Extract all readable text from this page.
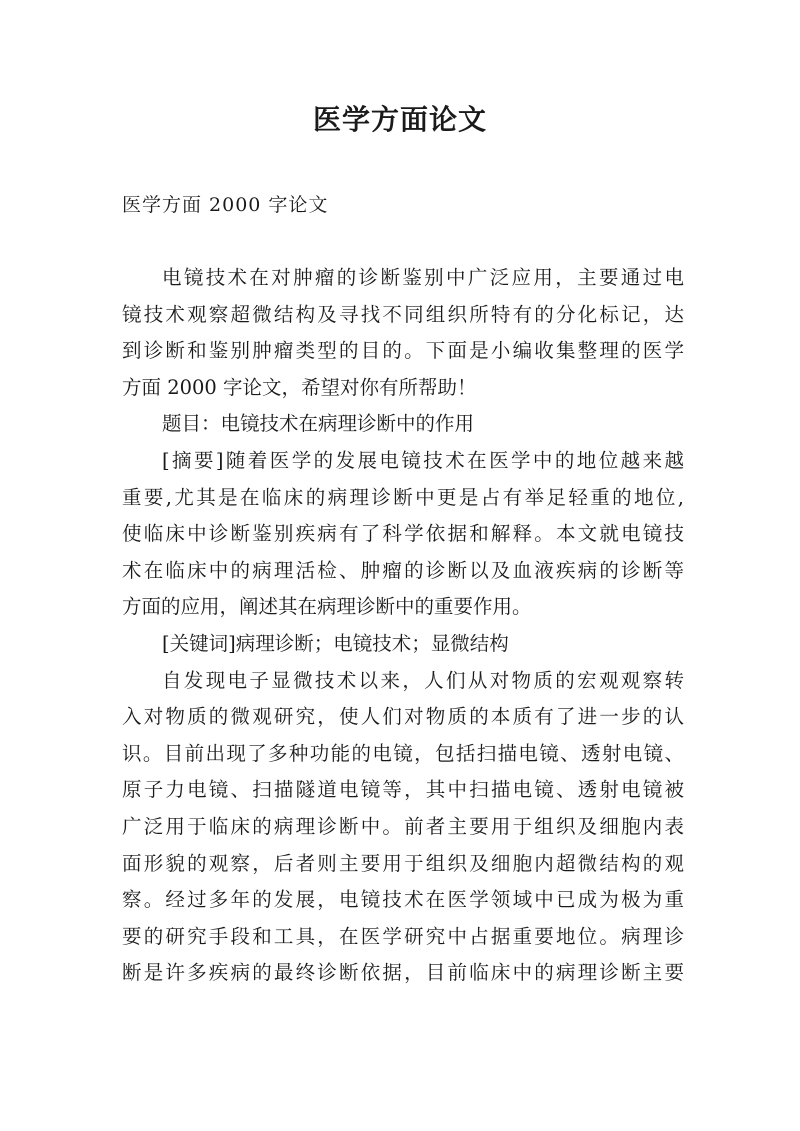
医学方面论文
医学方面 2000 字论文
电镜技术在对肿瘤的诊断鉴别中广泛应用，主要通过电
镜技术观察超微结构及寻找不同组织所特有的分化标记，达
到诊断和鉴别肿瘤类型的目的。下面是小编收集整理的医学
方面 2000 字论文，希望对你有所帮助！
题目：电镜技术在病理诊断中的作用
[摘要]随着医学的发展电镜技术在医学中的地位越来越
重要,尤其是在临床的病理诊断中更是占有举足轻重的地位,
使临床中诊断鉴别疾病有了科学依据和解释。本文就电镜技
术在临床中的病理活检、肿瘤的诊断以及血液疾病的诊断等
方面的应用，阐述其在病理诊断中的重要作用。
[关键词]病理诊断；电镜技术；显微结构
自发现电子显微技术以来，人们从对物质的宏观观察转
入对物质的微观研究，使人们对物质的本质有了进一步的认
识。目前出现了多种功能的电镜，包括扫描电镜、透射电镜、
原子力电镜、扫描隧道电镜等，其中扫描电镜、透射电镜被
广泛用于临床的病理诊断中。前者主要用于组织及细胞内表
面形貌的观察，后者则主要用于组织及细胞内超微结构的观
察。经过多年的发展，电镜技术在医学领域中已成为极为重
要的研究手段和工具，在医学研究中占据重要地位。病理诊
断是许多疾病的最终诊断依据，目前临床中的病理诊断主要
